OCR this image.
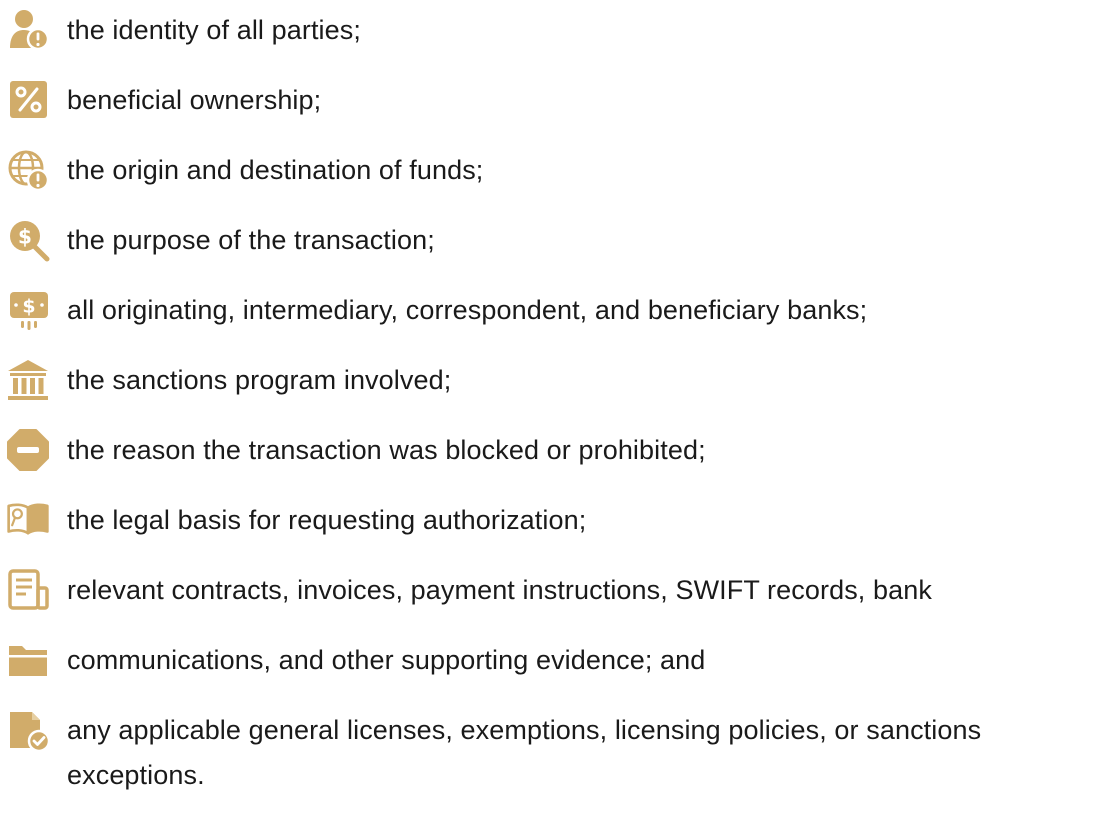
the identity of all parties;
beneficial ownership;
the origin and destination of funds;
$ the purpose of the transaction;
$ all originating, intermediary, correspondent, and beneficiary banks;
the sanctions program involved;
the reason the transaction was blocked or prohibited;
the legal basis for requesting authorization;
relevant contracts, invoices, payment instructions, SWIFT records, bank
communications, and other supporting evidence; and
any applicable general licenses, exemptions, licensing policies, or sanctions exceptions.
